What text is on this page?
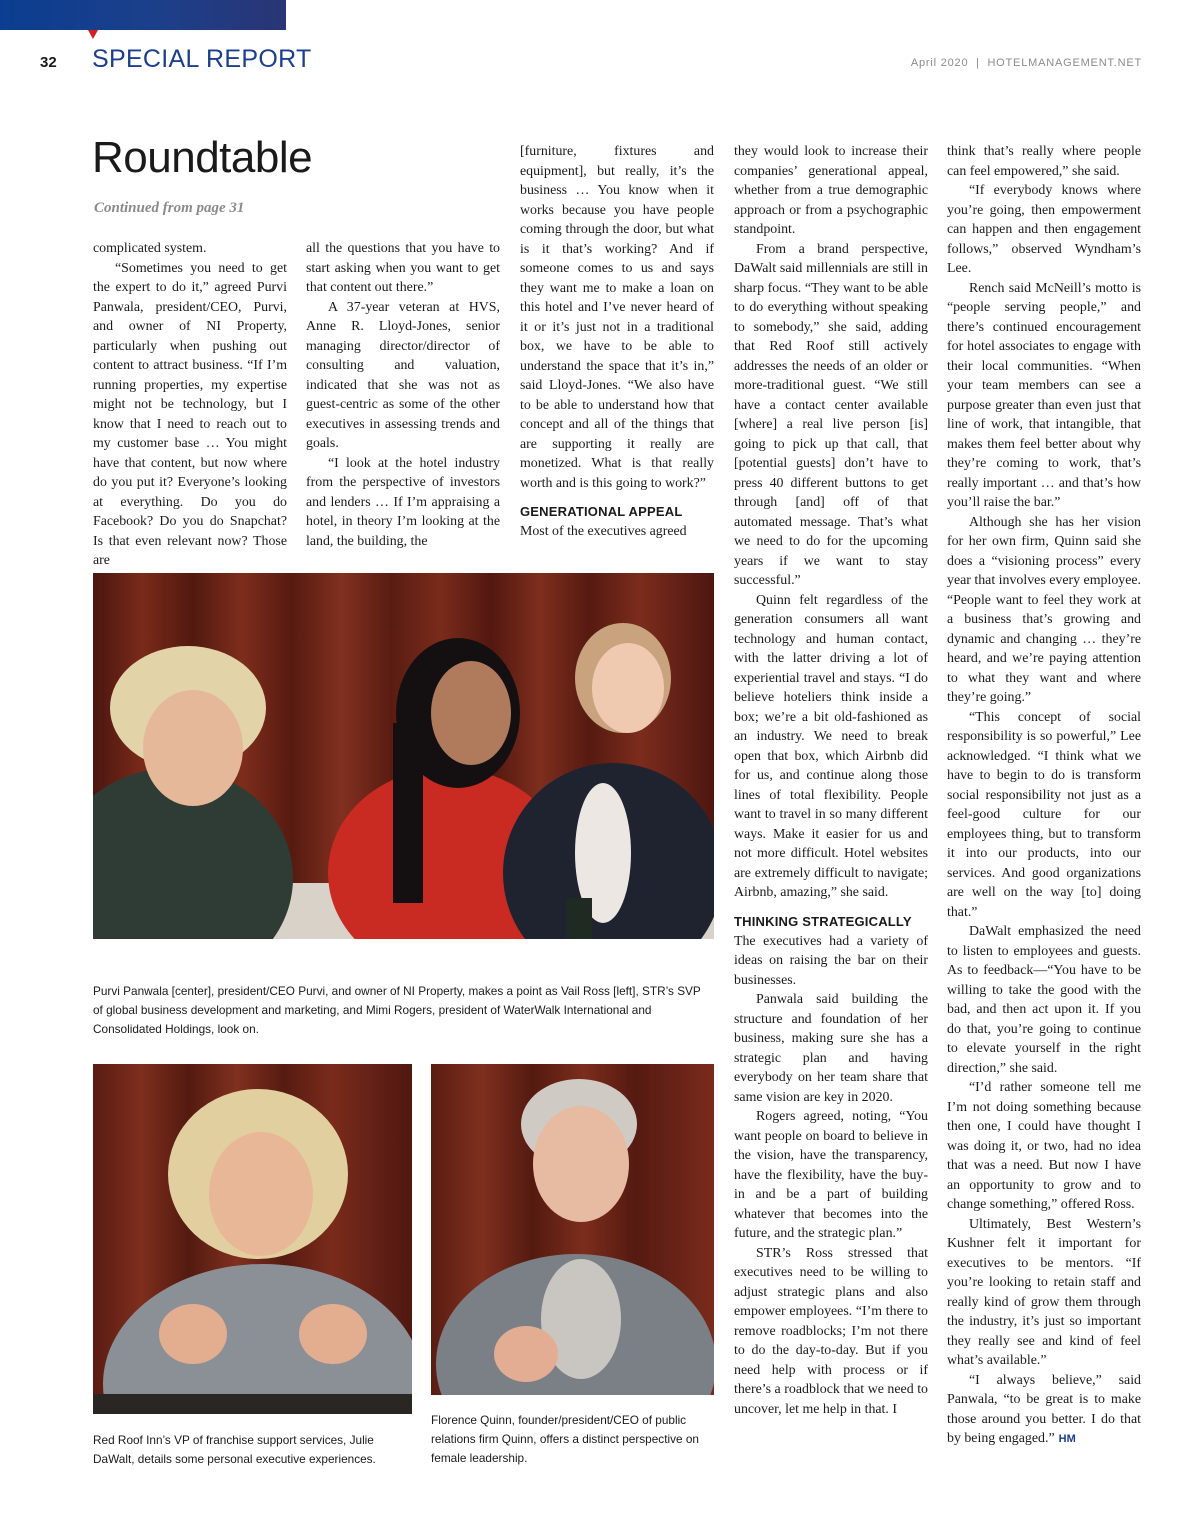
32 SPECIAL REPORT	April 2020  |  HOTELMANAGEMENT.NET
Roundtable
Continued from page 31

complicated system.

“Sometimes you need to get the expert to do it,” agreed Purvi Panwala, president/CEO, Purvi, and owner of NI Property, particularly when pushing out content to attract business. “If I’m running properties, my expertise might not be technology, but I know that I need to reach out to my customer base … You might have that content, but now where do you put it? Everyone’s looking at everything. Do you do Facebook? Do you do Snapchat? Is that even relevant now? Those are

all the questions that you have to start asking when you want to get that content out there.”

A 37-year veteran at HVS, Anne R. Lloyd-Jones, senior managing director/director of consulting and valuation, indicated that she was not as guest-centric as some of the other executives in assessing trends and goals.

“I look at the hotel industry from the perspective of investors and lenders … If I’m appraising a hotel, in theory I’m looking at the land, the building, the

[furniture, fixtures and equipment], but really, it’s the business … You know when it works because you have people coming through the door, but what is it that’s working? And if someone comes to us and says they want me to make a loan on this hotel and I’ve never heard of it or it’s just not in a traditional box, we have to be able to understand the space that it’s in,” said Lloyd-Jones. “We also have to be able to understand how that concept and all of the things that are supporting it really are monetized. What is that really worth and is this going to work?”

GENERATIONAL APPEAL

Most of the executives agreed

they would look to increase their companies’ generational appeal, whether from a true demographic approach or from a psychographic standpoint.

From a brand perspective, DaWalt said millennials are still in sharp focus. “They want to be able to do everything without speaking to somebody,” she said, adding that Red Roof still actively addresses the needs of an older or more-traditional guest. “We still have a contact center available [where] a real live person [is] going to pick up that call, that [potential guests] don’t have to press 40 different buttons to get through [and] off of that automated message. That’s what we need to do for the upcoming years if we want to stay successful.”

Quinn felt regardless of the generation consumers all want technology and human contact, with the latter driving a lot of experiential travel and stays. “I do believe hoteliers think inside a box; we’re a bit old-fashioned as an industry. We need to break open that box, which Airbnb did for us, and continue along those lines of total flexibility. People want to travel in so many different ways. Make it easier for us and not more difficult. Hotel websites are extremely difficult to navigate; Airbnb, amazing,” she said.

THINKING STRATEGICALLY

The executives had a variety of ideas on raising the bar on their businesses.

Panwala said building the structure and foundation of her business, making sure she has a strategic plan and having everybody on her team share that same vision are key in 2020.

Rogers agreed, noting, “You want people on board to believe in the vision, have the transparency, have the flexibility, have the buy-in and be a part of building whatever that becomes into the future, and the strategic plan.”

STR’s Ross stressed that executives need to be willing to adjust strategic plans and also empower employees. “I’m there to remove roadblocks; I’m not there to do the day-to-day. But if you need help with process or if there’s a roadblock that we need to uncover, let me help in that. I

think that’s really where people can feel empowered,” she said.

“If everybody knows where you’re going, then empowerment can happen and then engagement follows,” observed Wyndham’s Lee.

Rench said McNeill’s motto is “people serving people,” and there’s continued encouragement for hotel associates to engage with their local communities. “When your team members can see a purpose greater than even just that line of work, that intangible, that makes them feel better about why they’re coming to work, that’s really important … and that’s how you’ll raise the bar.”

Although she has her vision for her own firm, Quinn said she does a “visioning process” every year that involves every employee. “People want to feel they work at a business that’s growing and dynamic and changing … they’re heard, and we’re paying attention to what they want and where they’re going.”

“This concept of social responsibility is so powerful,” Lee acknowledged. “I think what we have to begin to do is transform social responsibility not just as a feel-good culture for our employees thing, but to transform it into our products, into our services. And good organizations are well on the way [to] doing that.”

DaWalt emphasized the need to listen to employees and guests. As to feedback—“You have to be willing to take the good with the bad, and then act upon it. If you do that, you’re going to continue to elevate yourself in the right direction,” she said.

“I’d rather someone tell me I’m not doing something because then one, I could have thought I was doing it, or two, had no idea that was a need. But now I have an opportunity to grow and to change something,” offered Ross.

Ultimately, Best Western’s Kushner felt it important for executives to be mentors. “If you’re looking to retain staff and really kind of grow them through the industry, it’s just so important they really see and kind of feel what’s available.”

“I always believe,” said Panwala, “to be great is to make those around you better. I do that by being engaged.” HM

Purvi Panwala [center], president/CEO Purvi, and owner of NI Property, makes a point as Vail Ross [left], STR’s SVP of global business development and marketing, and Mimi Rogers, president of WaterWalk International and Consolidated Holdings, look on.
Red Roof Inn’s VP of franchise support services, Julie DaWalt, details some personal executive experiences.
Florence Quinn, founder/president/CEO of public relations firm Quinn, offers a distinct perspective on female leadership.
